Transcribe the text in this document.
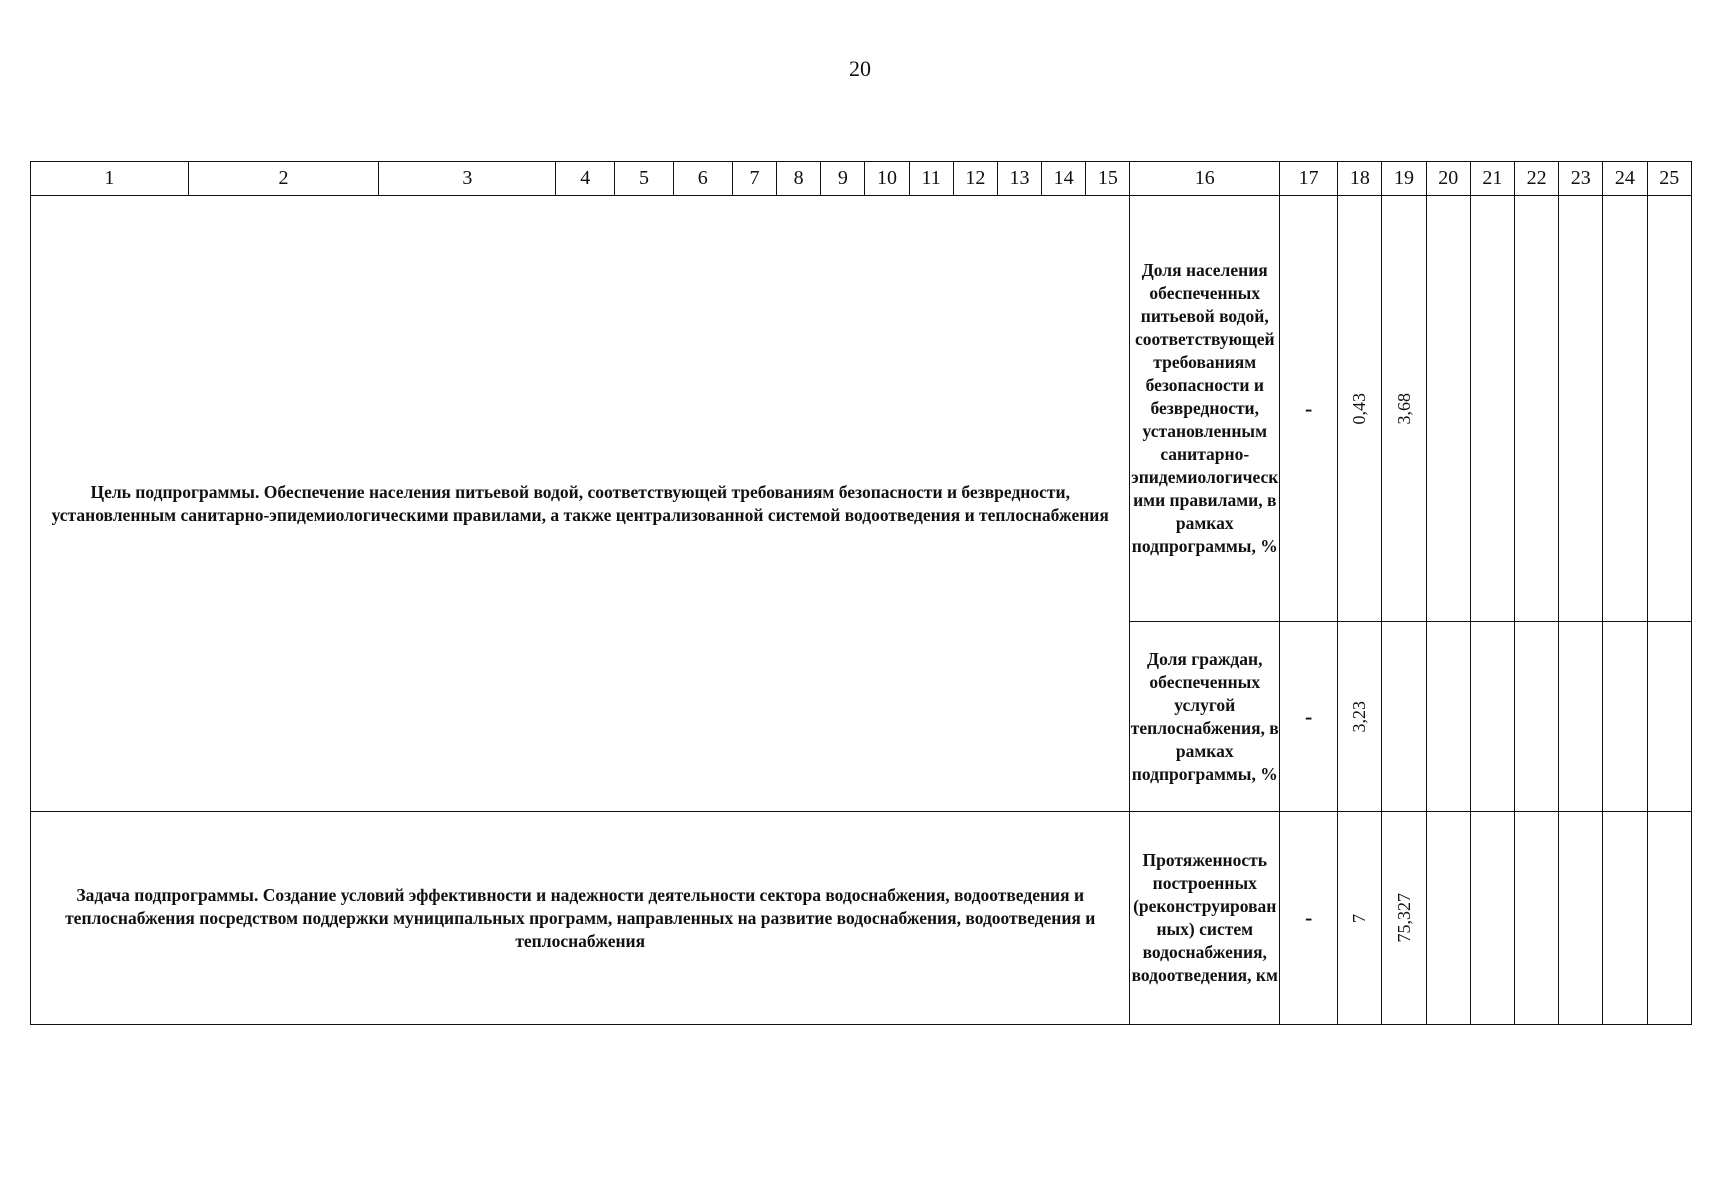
20
1	2	3	4	5	6	7	8	9	10	11	12	13	14	15	16	17	18	19	20	21	22	23	24	25
Цель подпрограммы. Обеспечение населения питьевой водой, соответствующей требованиям безопасности и безвредности, установленным санитарно-эпидемиологическими правилами, а также централизованной системой водоотведения и теплоснабжения															Доля населения обеспеченных питьевой водой, соответствующей требованиям безопасности и безвредности, установленным санитарно-эпидемиологическими правилами, в рамках подпрограммы, %	-	0,43	3,68						

															Доля граждан, обеспеченных услугой теплоснабжения, в рамках подпрограммы, %	-	3,23							

Задача подпрограммы. Создание условий эффективности и надежности деятельности сектора водоснабжения, водоотведения и теплоснабжения посредством поддержки муниципальных программ, направленных на развитие водоснабжения, водоотведения и теплоснабжения															Протяженность построенных (реконструированных) систем водоснабжения, водоотведения, км	-	7	75,327						
